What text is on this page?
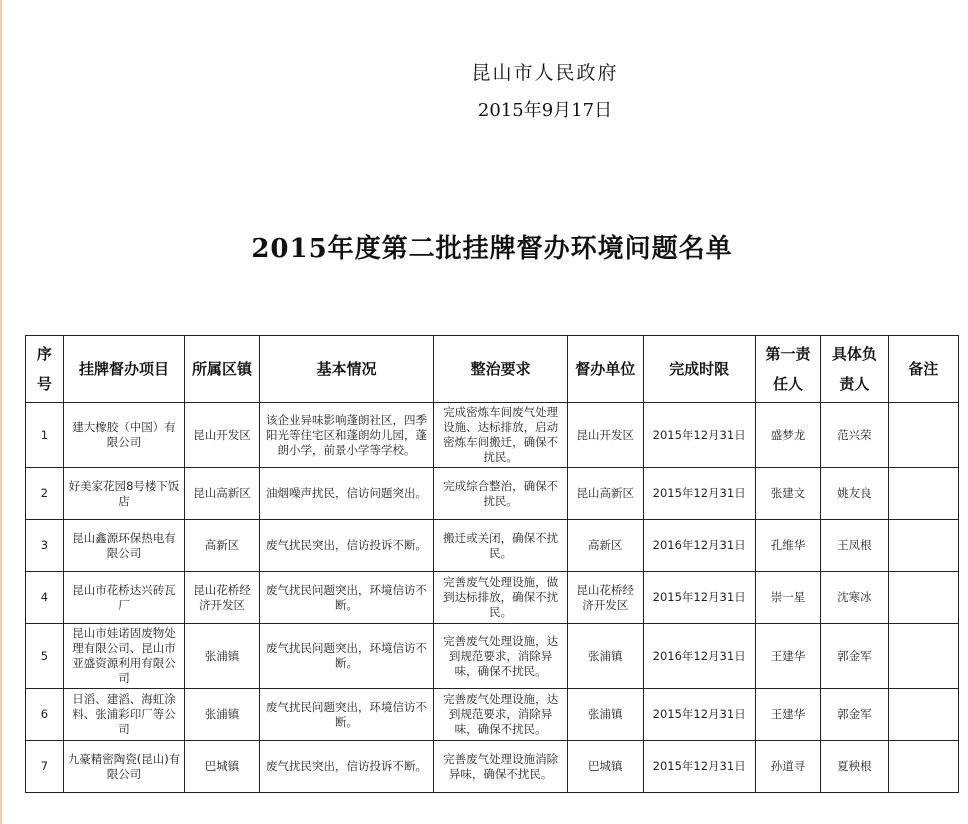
昆山市人民政府
2015年9月17日
2015年度第二批挂牌督办环境问题名单
序号	挂牌督办项目	所属区镇	基本情况	整治要求	督办单位	完成时限	第一责任人	具体负责人	备注
1	建大橡胶（中国）有限公司	昆山开发区	该企业异味影响蓬朗社区，四季阳光等住宅区和蓬朗幼儿园，蓬朗小学，前景小学等学校。	完成密炼车间废气处理设施、达标排放，启动密炼车间搬迁，确保不扰民。	昆山开发区	2015年12月31日	盛梦龙	范兴荣	
2	好美家花园8号楼下饭店	昆山高新区	油烟噪声扰民，信访问题突出。	完成综合整治，确保不扰民。	昆山高新区	2015年12月31日	张建文	姚友良	
3	昆山鑫源环保热电有限公司	高新区	废气扰民突出，信访投诉不断。	搬迁或关闭，确保不扰民。	高新区	2016年12月31日	孔维华	王凤根	
4	昆山市花桥达兴砖瓦厂	昆山花桥经济开发区	废气扰民问题突出，环境信访不断。	完善废气处理设施，做到达标排放，确保不扰民。	昆山花桥经济开发区	2015年12月31日	崇一星	沈寒冰	
5	昆山市娃诺固废物处理有限公司、昆山市亚盛资源利用有限公司	张浦镇	废气扰民问题突出，环境信访不断。	完善废气处理设施，达到规范要求，消除异味，确保不扰民。	张浦镇	2016年12月31日	王建华	郭金军	
6	日滔、建滔、海虹涂料、张浦彩印厂等公司	张浦镇	废气扰民问题突出，环境信访不断。	完善废气处理设施，达到规范要求，消除异味，确保不扰民。	张浦镇	2015年12月31日	王建华	郭金军	
7	九豪精密陶瓷(昆山)有限公司	巴城镇	废气扰民突出，信访投诉不断。	完善废气处理设施消除异味，确保不扰民。	巴城镇	2015年12月31日	孙道寻	夏秧根	
